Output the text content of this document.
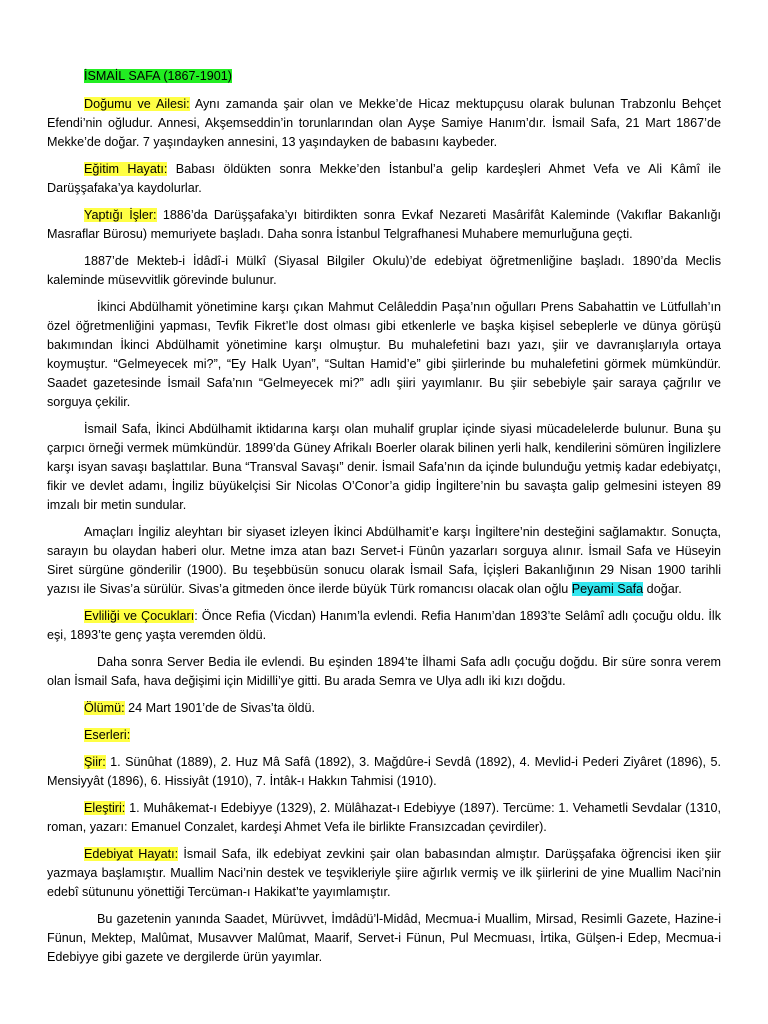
İSMAİL SAFA (1867-1901)

Doğumu ve Ailesi: Aynı zamanda şair olan ve Mekke’de Hicaz mektupçusu olarak bulunan Trabzonlu Behçet Efendi’nin oğludur. Annesi, Akşemseddin’in torunlarından olan Ayşe Samiye Hanım’dır. İsmail Safa, 21 Mart 1867’de Mekke’de doğar. 7 yaşındayken annesini, 13 yaşındayken de babasını kaybeder.

Eğitim Hayatı: Babası öldükten sonra Mekke’den İstanbul’a gelip kardeşleri Ahmet Vefa ve Ali Kâmî ile Darüşşafaka’ya kaydolurlar.

Yaptığı İşler: 1886’da Darüşşafaka’yı bitirdikten sonra Evkaf Nezareti Masârifât Kaleminde (Vakıflar Bakanlığı Masraflar Bürosu) memuriyete başladı. Daha sonra İstanbul Telgrafhanesi Muhabere memurluğuna geçti.

1887’de Mekteb-i İdâdî-i Mülkî (Siyasal Bilgiler Okulu)’de edebiyat öğretmenliğine başladı. 1890’da Meclis kaleminde müsevvitlik görevinde bulunur.

İkinci Abdülhamit yönetimine karşı çıkan Mahmut Celâleddin Paşa’nın oğulları Prens Sabahattin ve Lütfullah’ın özel öğretmenliğini yapması, Tevfik Fikret’le dost olması gibi etkenlerle ve başka kişisel sebeplerle ve dünya görüşü bakımından İkinci Abdülhamit yönetimine karşı olmuştur. Bu muhalefetini bazı yazı, şiir ve davranışlarıyla ortaya koymuştur. “Gelmeyecek mi?”, “Ey Halk Uyan”, “Sultan Hamid’e” gibi şiirlerinde bu muhalefetini görmek mümkündür. Saadet gazetesinde İsmail Safa’nın “Gelmeyecek mi?” adlı şiiri yayımlanır. Bu şiir sebebiyle şair saraya çağrılır ve sorguya çekilir.

İsmail Safa, İkinci Abdülhamit iktidarına karşı olan muhalif gruplar içinde siyasi mücadelelerde bulunur. Buna şu çarpıcı örneği vermek mümkündür. 1899’da Güney Afrikalı Boerler olarak bilinen yerli halk, kendilerini sömüren İngilizlere karşı isyan savaşı başlattılar. Buna “Transval Savaşı” denir. İsmail Safa’nın da içinde bulunduğu yetmiş kadar edebiyatçı, fikir ve devlet adamı, İngiliz büyükelçisi Sir Nicolas O’Conor’a gidip İngiltere’nin bu savaşta galip gelmesini isteyen 89 imzalı bir metin sundular.

Amaçları İngiliz aleyhtarı bir siyaset izleyen İkinci Abdülhamit’e karşı İngiltere’nin desteğini sağlamaktır. Sonuçta, sarayın bu olaydan haberi olur. Metne imza atan bazı Servet-i Fünûn yazarları sorguya alınır. İsmail Safa ve Hüseyin Siret sürgüne gönderilir (1900). Bu teşebbüsün sonucu olarak İsmail Safa, İçişleri Bakanlığının 29 Nisan 1900 tarihli yazısı ile Sivas’a sürülür. Sivas’a gitmeden önce ilerde büyük Türk romancısı olacak olan oğlu Peyami Safa doğar.

Evliliği ve Çocukları: Önce Refia (Vicdan) Hanım’la evlendi. Refia Hanım’dan 1893’te Selâmî adlı çocuğu oldu. İlk eşi, 1893’te genç yaşta veremden öldü.

Daha sonra Server Bedia ile evlendi. Bu eşinden 1894’te İlhami Safa adlı çocuğu doğdu. Bir süre sonra verem olan İsmail Safa, hava değişimi için Midilli’ye gitti. Bu arada Semra ve Ulya adlı iki kızı doğdu.

Ölümü: 24 Mart 1901’de de Sivas’ta öldü.

Eserleri:

Şiir: 1. Sünûhat (1889), 2. Huz Mâ Safâ (1892), 3. Mağdûre-i Sevdâ (1892), 4. Mevlid-i Pederi Ziyâret (1896), 5. Mensiyyât (1896), 6. Hissiyât (1910), 7. İntâk-ı Hakkın Tahmisi (1910).

Eleştiri: 1. Muhâkemat-ı Edebiyye (1329), 2. Mülâhazat-ı Edebiyye (1897). Tercüme: 1. Vehametli Sevdalar (1310, roman, yazarı: Emanuel Conzalet, kardeşi Ahmet Vefa ile birlikte Fransızcadan çevirdiler).

Edebiyat Hayatı: İsmail Safa, ilk edebiyat zevkini şair olan babasından almıştır. Darüşşafaka öğrencisi iken şiir yazmaya başlamıştır. Muallim Naci’nin destek ve teşvikleriyle şiire ağırlık vermiş ve ilk şiirlerini de yine Muallim Naci’nin edebî sütununu yönettiği Tercüman-ı Hakikat’te yayımlamıştır.

Bu gazetenin yanında Saadet, Mürüvvet, İmdâdü’l-Midâd, Mecmua-i Muallim, Mirsad, Resimli Gazete, Hazine-i Fünun, Mektep, Malûmat, Musavver Malûmat, Maarif, Servet-i Fünun, Pul Mecmuası, İrtika, Gülşen-i Edep, Mecmua-i Edebiyye gibi gazete ve dergilerde ürün yayımlar.
